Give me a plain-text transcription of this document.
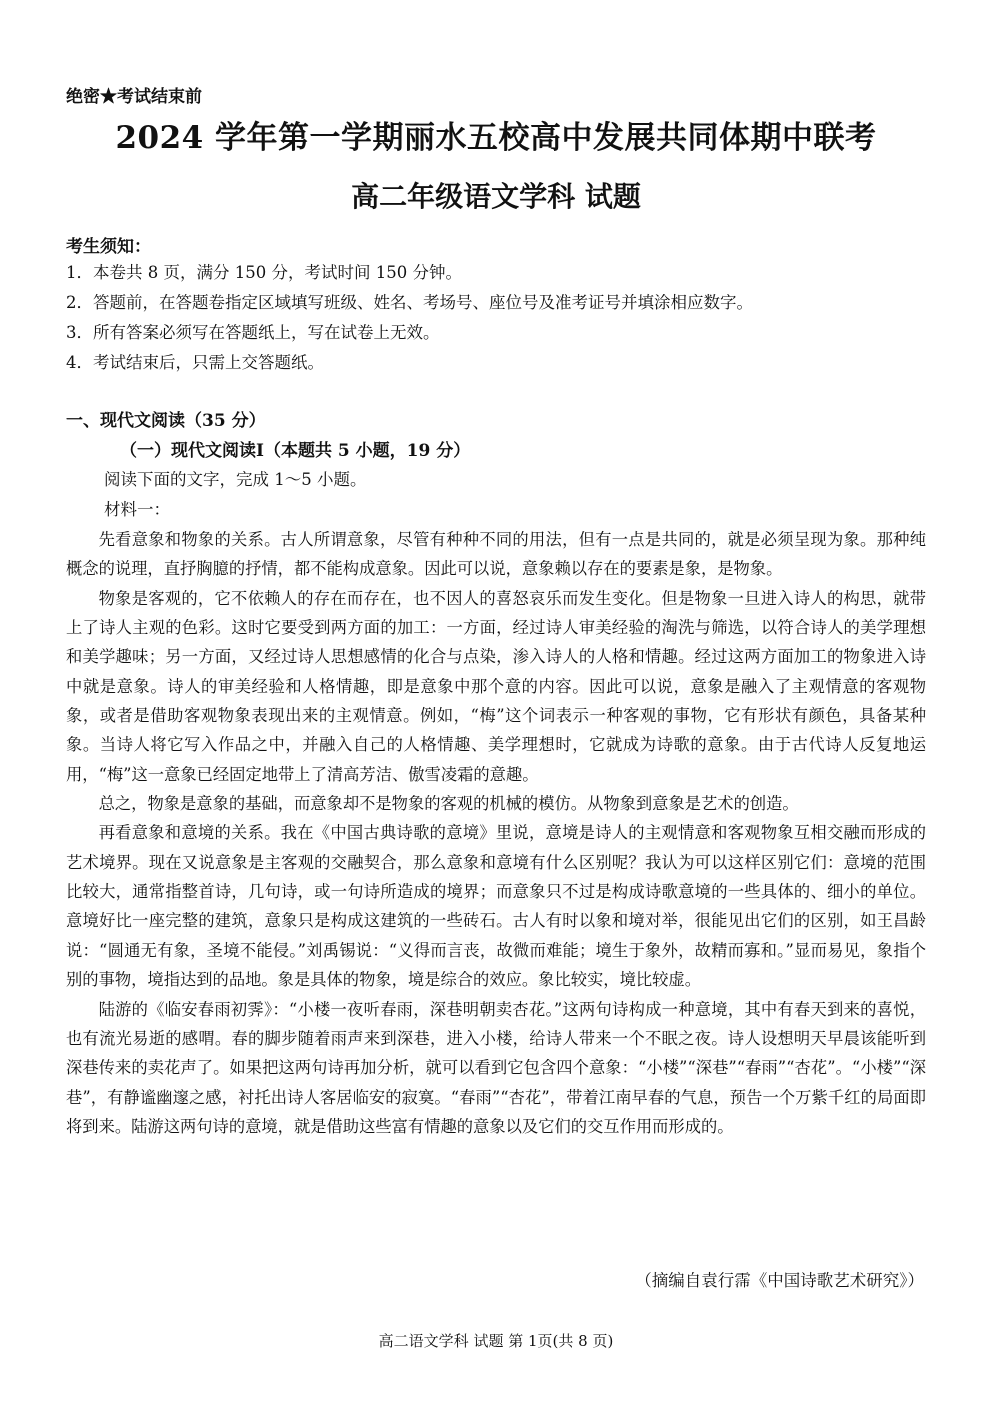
绝密★考试结束前
2024 学年第一学期丽水五校高中发展共同体期中联考
高二年级语文学科 试题
考生须知：
1．本卷共 8 页，满分 150 分，考试时间 150 分钟。
2．答题前，在答题卷指定区域填写班级、姓名、考场号、座位号及准考证号并填涂相应数字。
3．所有答案必须写在答题纸上，写在试卷上无效。
4．考试结束后，只需上交答题纸。
一、现代文阅读（35 分）
（一）现代文阅读Ⅰ（本题共 5 小题，19 分）
阅读下面的文字，完成 1～5 小题。
材料一：

先看意象和物象的关系。古人所谓意象，尽管有种种不同的用法，但有一点是共同的，就是必须呈现为象。那种纯概念的说理，直抒胸臆的抒情，都不能构成意象。因此可以说，意象赖以存在的要素是象，是物象。

物象是客观的，它不依赖人的存在而存在，也不因人的喜怒哀乐而发生变化。但是物象一旦进入诗人的构思，就带上了诗人主观的色彩。这时它要受到两方面的加工：一方面，经过诗人审美经验的淘洗与筛选，以符合诗人的美学理想和美学趣味；另一方面，又经过诗人思想感情的化合与点染，渗入诗人的人格和情趣。经过这两方面加工的物象进入诗中就是意象。诗人的审美经验和人格情趣，即是意象中那个意的内容。因此可以说，意象是融入了主观情意的客观物象，或者是借助客观物象表现出来的主观情意。例如，“梅”这个词表示一种客观的事物，它有形状有颜色，具备某种象。当诗人将它写入作品之中，并融入自己的人格情趣、美学理想时，它就成为诗歌的意象。由于古代诗人反复地运用，“梅”这一意象已经固定地带上了清高芳洁、傲雪凌霜的意趣。

总之，物象是意象的基础，而意象却不是物象的客观的机械的模仿。从物象到意象是艺术的创造。

再看意象和意境的关系。我在《中国古典诗歌的意境》里说，意境是诗人的主观情意和客观物象互相交融而形成的艺术境界。现在又说意象是主客观的交融契合，那么意象和意境有什么区别呢？我认为可以这样区别它们：意境的范围比较大，通常指整首诗，几句诗，或一句诗所造成的境界；而意象只不过是构成诗歌意境的一些具体的、细小的单位。意境好比一座完整的建筑，意象只是构成这建筑的一些砖石。古人有时以象和境对举，很能见出它们的区别，如王昌龄说：“圆通无有象，圣境不能侵。”刘禹锡说：“义得而言丧，故微而难能；境生于象外，故精而寡和。”显而易见，象指个别的事物，境指达到的品地。象是具体的物象，境是综合的效应。象比较实，境比较虚。

陆游的《临安春雨初霁》：“小楼一夜听春雨，深巷明朝卖杏花。”这两句诗构成一种意境，其中有春天到来的喜悦，也有流光易逝的感喟。春的脚步随着雨声来到深巷，进入小楼，给诗人带来一个不眠之夜。诗人设想明天早晨该能听到深巷传来的卖花声了。如果把这两句诗再加分析，就可以看到它包含四个意象：“小楼”“深巷”“春雨”“杏花”。“小楼”“深巷”，有静谧幽邃之感，衬托出诗人客居临安的寂寞。“春雨”“杏花”，带着江南早春的气息，预告一个万紫千红的局面即将到来。陆游这两句诗的意境，就是借助这些富有情趣的意象以及它们的交互作用而形成的。

（摘编自袁行霈《中国诗歌艺术研究》）
高二语文学科 试题 第 1页(共 8 页)
